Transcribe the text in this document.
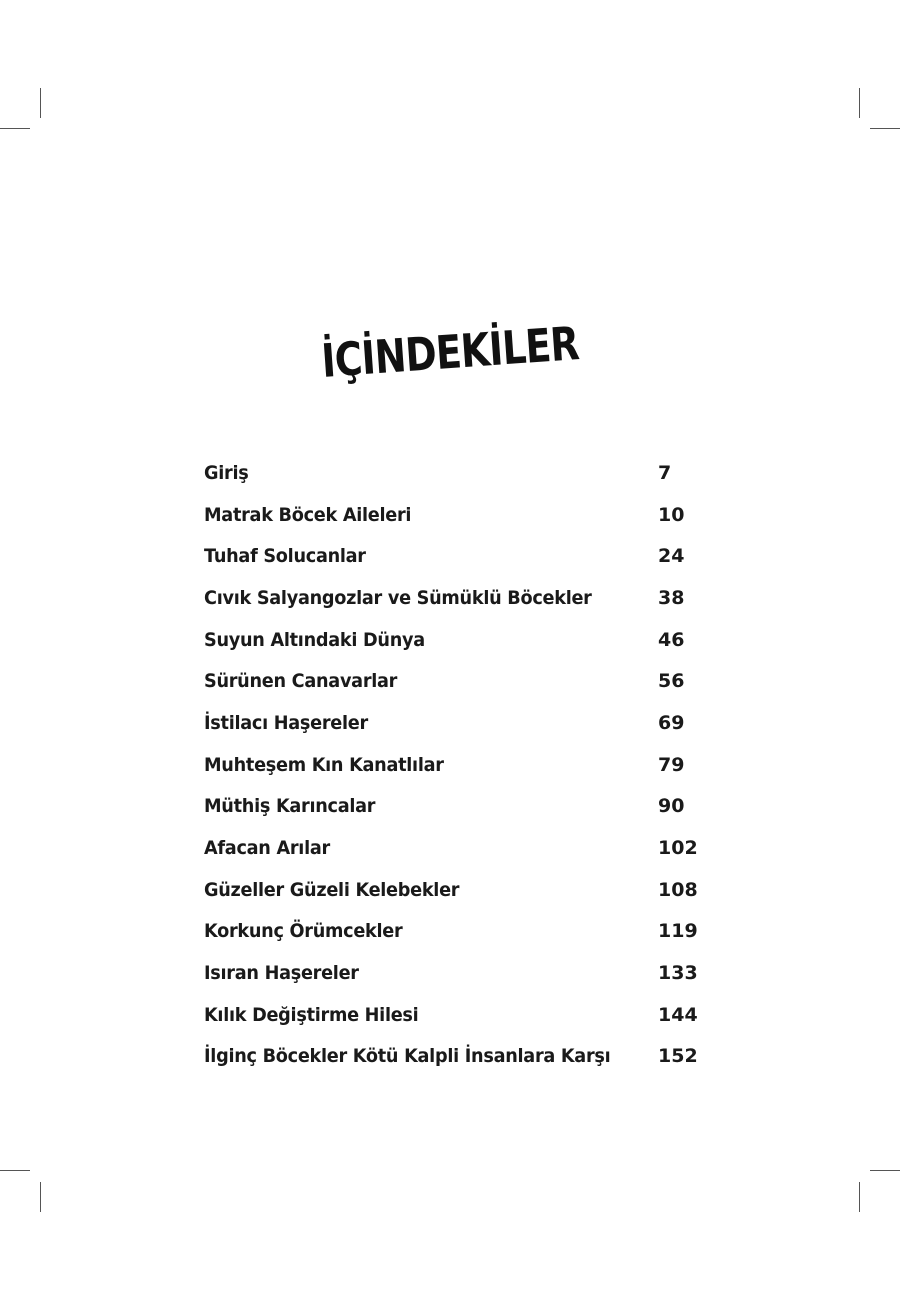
İÇİNDEKİLER
Giriş	7
Matrak Böcek Aileleri	10
Tuhaf Solucanlar	24
Cıvık Salyangozlar ve Sümüklü Böcekler	38
Suyun Altındaki Dünya	46
Sürünen Canavarlar	56
İstilacı Haşereler	69
Muhteşem Kın Kanatlılar	79
Müthiş Karıncalar	90
Afacan Arılar	102
Güzeller Güzeli Kelebekler	108
Korkunç Örümcekler	119
Isıran Haşereler	133
Kılık Değiştirme Hilesi	144
İlginç Böcekler Kötü Kalpli İnsanlara Karşı	152
